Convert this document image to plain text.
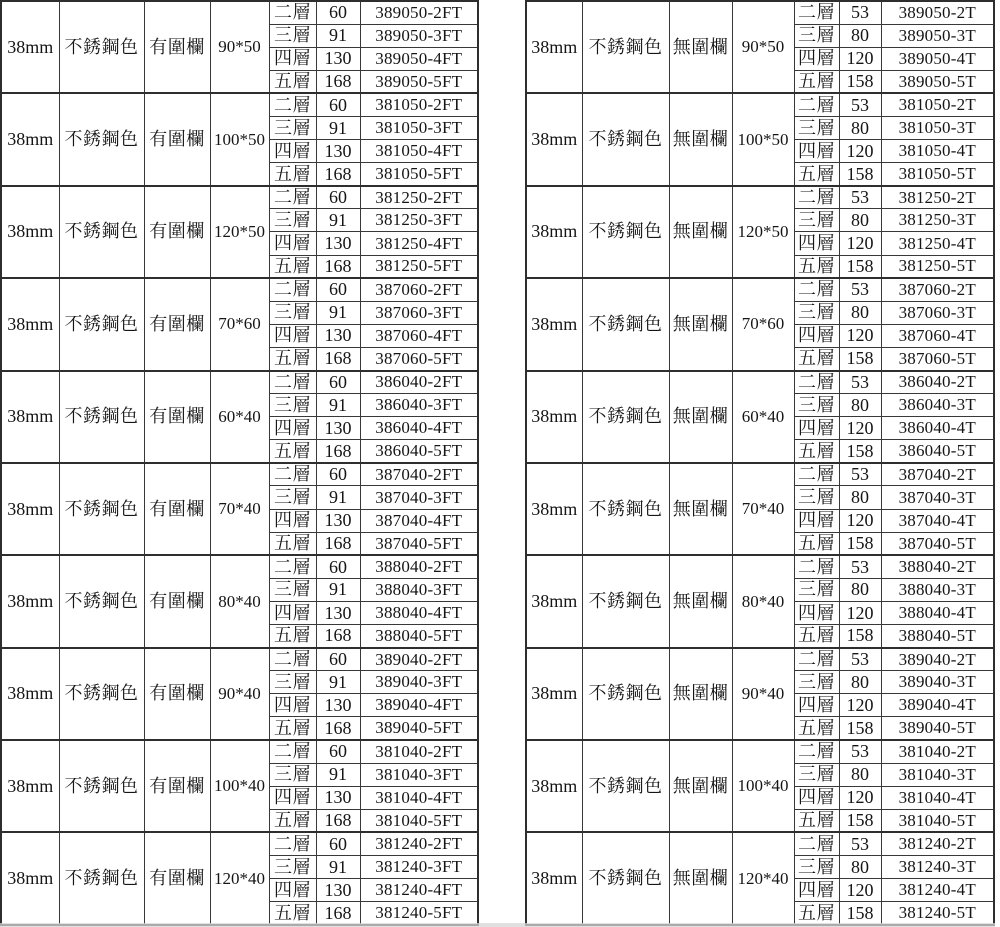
38mm	不銹鋼色	有圍欄	90*50	二層	60	389050-2FT
				三層	91	389050-3FT
				四層	130	389050-4FT
				五層	168	389050-5FT
38mm	不銹鋼色	有圍欄	100*50	二層	60	381050-2FT
				三層	91	381050-3FT
				四層	130	381050-4FT
				五層	168	381050-5FT
38mm	不銹鋼色	有圍欄	120*50	二層	60	381250-2FT
				三層	91	381250-3FT
				四層	130	381250-4FT
				五層	168	381250-5FT
38mm	不銹鋼色	有圍欄	70*60	二層	60	387060-2FT
				三層	91	387060-3FT
				四層	130	387060-4FT
				五層	168	387060-5FT
38mm	不銹鋼色	有圍欄	60*40	二層	60	386040-2FT
				三層	91	386040-3FT
				四層	130	386040-4FT
				五層	168	386040-5FT
38mm	不銹鋼色	有圍欄	70*40	二層	60	387040-2FT
				三層	91	387040-3FT
				四層	130	387040-4FT
				五層	168	387040-5FT
38mm	不銹鋼色	有圍欄	80*40	二層	60	388040-2FT
				三層	91	388040-3FT
				四層	130	388040-4FT
				五層	168	388040-5FT
38mm	不銹鋼色	有圍欄	90*40	二層	60	389040-2FT
				三層	91	389040-3FT
				四層	130	389040-4FT
				五層	168	389040-5FT
38mm	不銹鋼色	有圍欄	100*40	二層	60	381040-2FT
				三層	91	381040-3FT
				四層	130	381040-4FT
				五層	168	381040-5FT
38mm	不銹鋼色	有圍欄	120*40	二層	60	381240-2FT
				三層	91	381240-3FT
				四層	130	381240-4FT
				五層	168	381240-5FT
38mm	不銹鋼色	無圍欄	90*50	二層	53	389050-2T
				三層	80	389050-3T
				四層	120	389050-4T
				五層	158	389050-5T
38mm	不銹鋼色	無圍欄	100*50	二層	53	381050-2T
				三層	80	381050-3T
				四層	120	381050-4T
				五層	158	381050-5T
38mm	不銹鋼色	無圍欄	120*50	二層	53	381250-2T
				三層	80	381250-3T
				四層	120	381250-4T
				五層	158	381250-5T
38mm	不銹鋼色	無圍欄	70*60	二層	53	387060-2T
				三層	80	387060-3T
				四層	120	387060-4T
				五層	158	387060-5T
38mm	不銹鋼色	無圍欄	60*40	二層	53	386040-2T
				三層	80	386040-3T
				四層	120	386040-4T
				五層	158	386040-5T
38mm	不銹鋼色	無圍欄	70*40	二層	53	387040-2T
				三層	80	387040-3T
				四層	120	387040-4T
				五層	158	387040-5T
38mm	不銹鋼色	無圍欄	80*40	二層	53	388040-2T
				三層	80	388040-3T
				四層	120	388040-4T
				五層	158	388040-5T
38mm	不銹鋼色	無圍欄	90*40	二層	53	389040-2T
				三層	80	389040-3T
				四層	120	389040-4T
				五層	158	389040-5T
38mm	不銹鋼色	無圍欄	100*40	二層	53	381040-2T
				三層	80	381040-3T
				四層	120	381040-4T
				五層	158	381040-5T
38mm	不銹鋼色	無圍欄	120*40	二層	53	381240-2T
				三層	80	381240-3T
				四層	120	381240-4T
				五層	158	381240-5T
